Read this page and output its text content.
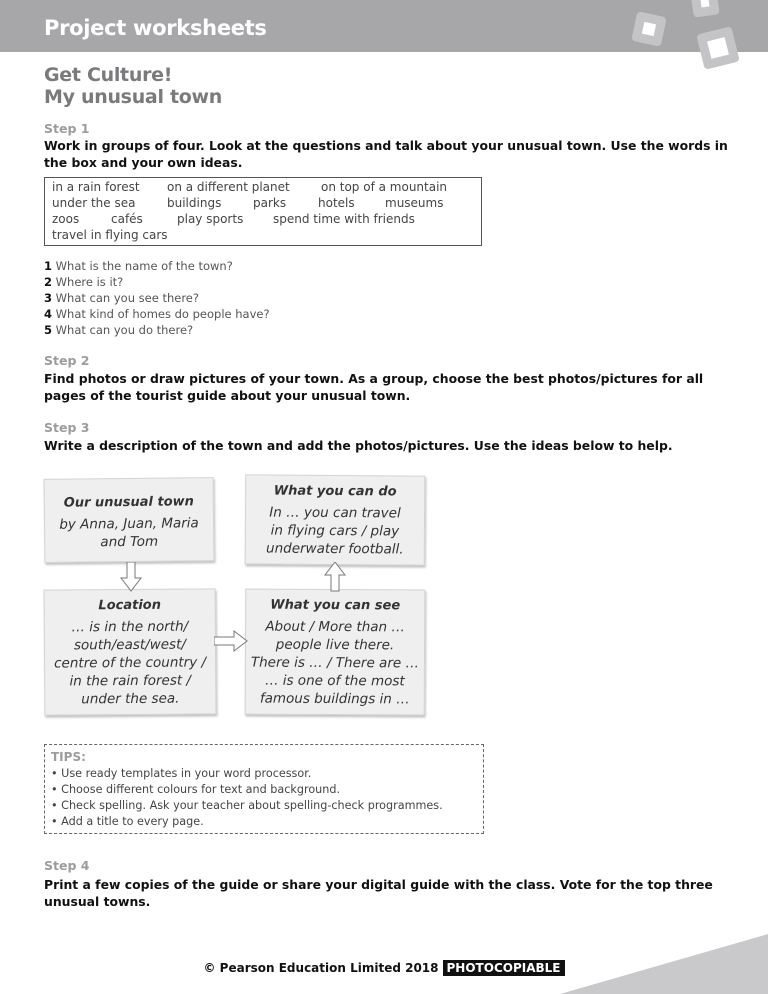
Project worksheets
Get Culture!
My unusual town
Step 1
Work in groups of four. Look at the questions and talk about your unusual town. Use the words in the box and your own ideas.
in a rain forest on a different planet	on top of a mountain
under the sea	buildings	parks	hotels	museums
zoos	cafés	play sports spend time with friends
travel in flying cars
1 What is the name of the town?
2 Where is it?
3 What can you see there?
4 What kind of homes do people have?
5 What can you do there?
Step 2
Find photos or draw pictures of your town. As a group, choose the best photos/pictures for all pages of the tourist guide about your unusual town.
Step 3
Write a description of the town and add the photos/pictures. Use the ideas below to help.
Our unusual town
by Anna, Juan, Maria
and Tom
What you can do
In … you can travel
in flying cars / play
underwater football.
Location
… is in the north/
south/east/west/
centre of the country /
in the rain forest /
under the sea.
What you can see
About / More than …
people live there.
There is … / There are …
… is one of the most
famous buildings in …
TIPS:
• Use ready templates in your word processor.
• Choose different colours for text and background.
• Check spelling. Ask your teacher about spelling-check programmes.
• Add a title to every page.
Step 4
Print a few copies of the guide or share your digital guide with the class. Vote for the top three unusual towns.
© Pearson Education Limited 2018 PHOTOCOPIABLE
